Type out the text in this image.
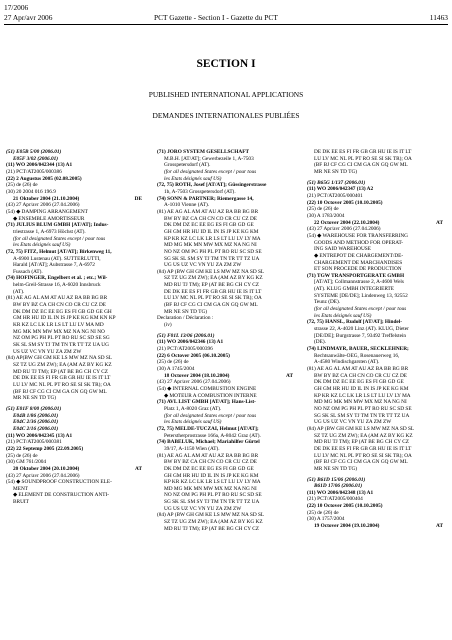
17/2006
27 Apr/avr 2006	PCT Gazette - Section I - Gazette du PCT	11463
SECTION I
PUBLISHED INTERNATIONAL APPLICATIONS
DEMANDES INTERNATIONALES PUBLIÉES
(51) E05B 5/00 (2006.01)
E05F 3/02 (2006.01)
(11) WO 2006/042344 (13) A1
(21) PCT/AT2005/000386
(22) 2 Augustus 2005 (02.08.2005)
(25) de (26) de
(30) 20 2004 016 196.9
DE
21 Oktober 2004 (21.10.2004)
(43) 27 Apr/avr 2006 (27.04.2006)
(54) ◆ DAMPING ARRANGEMENT
◆ ENSEMBLE AMORTISSEUR
(71) JULIUS BLUM GMBH [AT/AT]; Indus-
triestrasse 1, A-6973 Höchst (AT).
(for all designated States except / pour tous
les États désignés sauf US)
(72, 75) FITZ, Helmut [AT/AT]; Birkenweg 11,
A-6900 Lustenau (AT). SUTTERLÜTTI,
Harald [AT/AT]; Aubstrasse 7, A-6972
Fussach (AT).
(74) HOFINGER, Engelbert et al. ; etc.; Wil-
helm-Greil-Strasse 16, A-6020 Innsbruck
(AT).
(81) AE AG AL AM AT AU AZ BA BB BG BR
BW BY BZ CA CH CN CO CR CU CZ DE
DK DM DZ EC EE EG ES FI GB GD GE GH
GM HR HU ID IL IN IS JP KE KG KM KN KP
KR KZ LC LK LR LS LT LU LV MA MD
MG MK MN MW MX MZ NA NG NI NO
NZ OM PG PH PL PT RO RU SC SD SE SG
SK SL SM SY TJ TM TN TR TT TZ UA UG
US UZ VC VN YU ZA ZM ZW
(84) AP(BW GH GM KE LS MW MZ NA SD SL
SZ TZ UG ZM ZW); EA (AM AZ BY KG KZ
MD RU TJ TM); EP (AT BE BG CH CY CZ
DE DK EE ES FI FR GB GR HU IE IS IT LT
LU LV MC NL PL PT RO SE SI SK TR); OA
(BF BJ CF CG CI CM GA GN GQ GW ML
MR NE SN TD TG)
(51) E01F 8/00 (2006.01)
E04B 1/86 (2006.01)
E04C 2/36 (2006.01)
E04C 2/16 (2006.01)
(11) WO 2006/042345 (13) A1
(21) PCT/AT2005/000381
(22) 22 Septemp 2005 (22.09.2005)
(25) de (26) de
(30) GM 761/2004
AT
20 Oktober 2004 (20.10.2004)
(43) 27 Apr/avr 2006 (27.04.2006)
(54) ◆ SOUNDPROOF CONSTRUCTION ELE-
MENT
◆ ELEMENT DE CONSTRUCTION ANTI-
BRUIT
(71) JORO SYSTEM GESELLSCHAFT
M.B.H. [AT/AT]; Gewerbezeile 1, A-7503
Grosspetersdorf (AT).
(for all designated States except / pour tous
les États désignés sauf US)
(72, 75) ROTH, Josef [AT/AT]; Güssingerstrasse
1b, A-7503 Grosspetersdorf (AT).
(74) SONN & PARTNER; Riemergasse 14,
A-1010 Vienne (AT).
(81) AE AG AL AM AT AU AZ BA BB BG BR
BW BY BZ CA CH CN CO CR CU CZ DE
DK DM DZ EC EE EG ES FI GB GD GE
GH GM HR HU ID IL IN IS JP KE KG KM
KP KR KZ LC LK LR LS LT LU LV LY MA
MD MG MK MN MW MX MZ NA NG NI
NO NZ OM PG PH PL PT RO RU SC SD SE
SG SK SL SM SY TJ TM TN TR TT TZ UA
UG US UZ VC VN YU ZA ZM ZW
(84) AP (BW GH GM KE LS MW MZ NA SD SL
SZ TZ UG ZM ZW); EA (AM AZ BY KG KZ
MD RU TJ TM); EP (AT BE BG CH CY CZ
DE DK EE ES FI FR GB GR HU IE IS IT LT
LU LV MC NL PL PT RO SE SI SK TR); OA
(BF BJ CF CG CI CM GA GN GQ GW ML
MR NE SN TD TG)
Declaration / Déclaration :
(iv)
(51) F01L 13/06 (2006.01)
(11) WO 2006/042346 (13) A1
(21) PCT/AT2005/000396
(22) 6 Octover 2005 (06.10.2005)
(25) de (26) de
(30) A 1745/2004
AT
18 Octover 2004 (18.10.2004)
(43) 27 Apr/avr 2006 (27.04.2006)
(54) ◆ INTERNAL COMBUSTION ENGINE
◆ MOTEUR A COMBUSTION INTERNE
(71) AVL LIST GMBH [AT/AT]; Hans-List-
Platz 1, A-8020 Graz (AT).
(for all designated States except / pour tous
les États désignés sauf US)
(72, 75) MELDE-TUCZAI, Helmut [AT/AT];
Peterstherprostrasse 166a, A-8042 Graz (AT).
(74) BABELUK, Michael; Mariahilfer Gürtel
39/17, A-1150 Wien (AT).
(81) AE AG AL AM AT AU AZ BA BB BG BR
BW BY BZ CA CH CN CO CR CU CZ DE
DK DM DZ EC EE EG ES FI GB GD GE
GH GM HR HU ID IL IN IS JP KE KG KM
KP KR KZ LC LK LR LS LT LU LV LY MA
MD MG MK MN MW MX MZ NA NG NI
NO NZ OM PG PH PL PT RO RU SC SD SE
SG SK SL SM SY TJ TM TN TR TT TZ UA
UG US UZ VC VN YU ZA ZM ZW
(84) AP (BW GH GM KE LS MW MZ NA SD SL
SZ TZ UG ZM ZW); EA (AM AZ BY KG KZ
MD RU TJ TM); EP (AT BE BG CH CY CZ
DE DK EE ES FI FR GB GR HU IE IS IT LT
LU LV MC NL PL PT RO SE SI SK TR); OA
(BF BJ CF CG CI CM GA GN GQ GW ML
MR NE SN TD TG)
(51) B65G 1/137 (2006.01)
(11) WO 2006/042347 (13) A2
(21) PCT/AT2005/000401
(22) 10 Octover 2005 (10.10.2005)
(25) de (26) de
(30) A 1783/2004
AT
22 Octover 2004 (22.10.2004)
(43) 27 Apr/avr 2006 (27.04.2006)
(54) ◆ WAREHOUSE FOR TRANSFERRING
GOODS AND METHOD FOR OPERAT-
ING SAID WAREHOUSE
◆ ENTREPOT DE CHARGEMENT/DE-
CHARGEMENT DE MARCHANDISES
ET SON PROCEDE DE PRODUCTION
(71) TGW TRANSPORTGERÄTE GMBH
[AT/AT]; Collmannstrasse 2, A-4600 Wels
(AT). KLUG GMBH INTEGRIERTE
SYSTEME [DE/DE]; Lindenweg 13, 92552
Teunz (DE).
(for all designated States except / pour tous
les États désignés sauf US)
(72, 75) HANSL, Rudolf [AT/AT]; Hindel-
strasse 22, A-4020 Linz (AT). KLUG, Dieter
[DE/DE]; Burgstrasse 7, 93492 Treffelstein
(DE).
(74) LINDMAYR, BAUER, SECKLEHNER;
Rechtsanwälte-OEG, Rosenauerweg 16,
A-4580 Windischgarsten (AT).
(81) AE AG AL AM AT AU AZ BA BB BG BR
BW BY BZ CA CH CN CO CR CU CZ DE
DK DM DZ EC EE EG ES FI GB GD GE
GH GM HR HU ID IL IN IS JP KE KG KM
KP KR KZ LC LK LR LS LT LU LV LY MA
MD MG MK MN MW MX MZ NA NG NI
NO NZ OM PG PH PL PT RO RU SC SD SE
SG SK SL SM SY TJ TM TN TR TT TZ UA
UG US UZ VC VN YU ZA ZM ZW
(84) AP (BW GH GM KE LS MW MZ NA SD SL
SZ TZ UG ZM ZW); EA (AM AZ BY KG KZ
MD RU TJ TM); EP (AT BE BG CH CY CZ
DE DK EE ES FI FR GB GR HU IE IS IT LT
LU LV MC NL PL PT RO SE SI SK TR); OA
(BF BJ CF CG CI CM GA GN GQ GW ML
MR NE SN TD TG)
(51) B61D 15/06 (2006.01)
B61D 17/06 (2006.01)
(11) WO 2006/042348 (13) A1
(21) PCT/AT2005/000404
(22) 10 Octover 2005 (10.10.2005)
(25) de (26) de
(30) A 1757/2004
AT
19 Octover 2004 (19.10.2004)
